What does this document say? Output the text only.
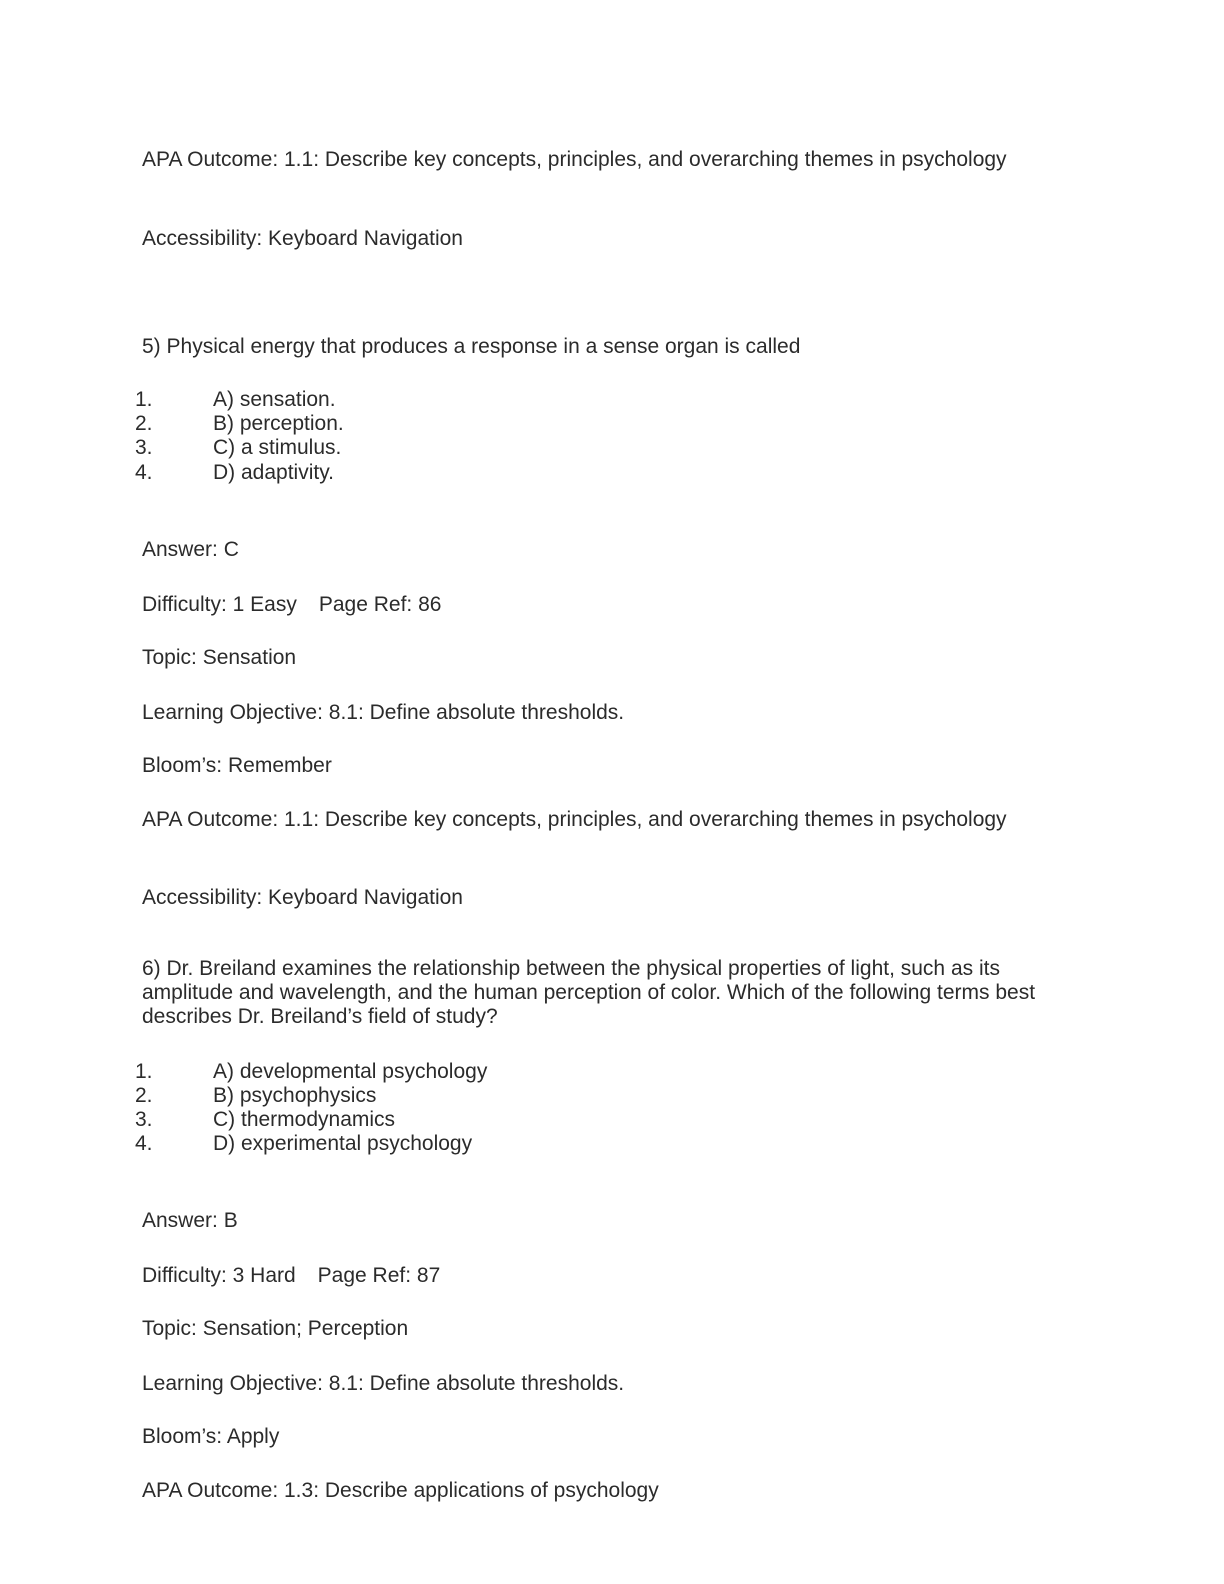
APA Outcome: 1.1: Describe key concepts, principles, and overarching themes in psychology
Accessibility: Keyboard Navigation
5) Physical energy that produces a response in a sense organ is called
1.	A) sensation.
2.	B) perception.
3.	C) a stimulus.
4.	D) adaptivity.
Answer: C
Difficulty: 1 Easy Page Ref: 86
Topic: Sensation
Learning Objective: 8.1: Define absolute thresholds.
Bloom’s: Remember
APA Outcome: 1.1: Describe key concepts, principles, and overarching themes in psychology
Accessibility: Keyboard Navigation
6) Dr. Breiland examines the relationship between the physical properties of light, such as its amplitude and wavelength, and the human perception of color. Which of the following terms best describes Dr. Breiland’s field of study?
1.	A) developmental psychology
2.	B) psychophysics
3.	C) thermodynamics
4.	D) experimental psychology
Answer: B
Difficulty: 3 Hard Page Ref: 87
Topic: Sensation; Perception
Learning Objective: 8.1: Define absolute thresholds.
Bloom’s: Apply
APA Outcome: 1.3: Describe applications of psychology
